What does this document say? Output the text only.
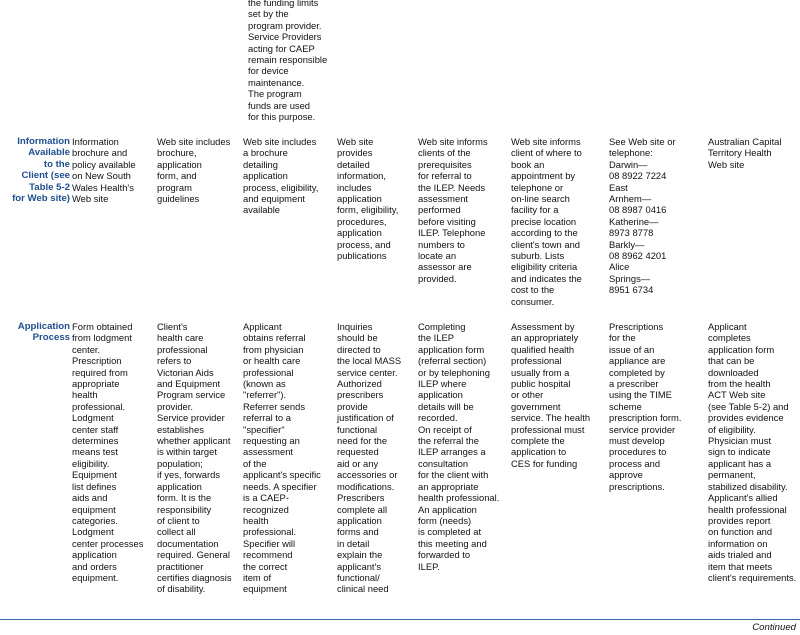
the funding limits
set by the
program provider.
Service Providers
acting for CAEP
remain responsible
for device
maintenance.
The program
funds are used
for this purpose.
Information
Available
to the
Client (see
Table 5-2
for Web site)
Information
brochure and
policy available
on New South
Wales Health's
Web site
Web site includes
brochure,
application
form, and
program
guidelines
Web site includes
a brochure
detailing
application
process, eligibility,
and equipment
available
Web site
provides
detailed
information,
includes
application
form, eligibility,
procedures,
application
process, and
publications
Web site informs
clients of the
prerequisites
for referral to
the ILEP. Needs
assessment
performed
before visiting
ILEP. Telephone
numbers to
locate an
assessor are
provided.
Web site informs
client of where to
book an
appointment by
telephone or
on-line search
facility for a
precise location
according to the
client's town and
suburb. Lists
eligibility criteria
and indicates the
cost to the
consumer.
See Web site or
telephone:
Darwin—
08 8922 7224
East
Arnhem—
08 8987 0416
Katherine—
8973 8778
Barkly—
08 8962 4201
Alice
Springs—
8951 6734
Australian Capital
Territory Health
Web site
Application
Process
Form obtained
from lodgment
center.
Prescription
required from
appropriate
health
professional.
Lodgment
center staff
determines
means test
eligibility.
Equipment
list defines
aids and
equipment
categories.
Lodgment
center processes
application
and orders
equipment.
Client's
health care
professional
refers to
Victorian Aids
and Equipment
Program service
provider.
Service provider
establishes
whether applicant
is within target
population;
if yes, forwards
application
form. It is the
responsibility
of client to
collect all
documentation
required. General
practitioner
certifies diagnosis
of disability.
Applicant
obtains referral
from physician
or health care
professional
(known as
"referrer").
Referrer sends
referral to a
"specifier"
requesting an
assessment
of the
applicant's specific
needs. A specifier
is a CAEP-
recognized
health
professional.
Specifier will
recommend
the correct
item of
equipment
Inquiries
should be
directed to
the local MASS
service center.
Authorized
prescribers
provide
justification of
functional
need for the
requested
aid or any
accessories or
modifications.
Prescribers
complete all
application
forms and
in detail
explain the
applicant's
functional/
clinical need
Completing
the ILEP
application form
(referral section)
or by telephoning
ILEP where
application
details will be
recorded.
On receipt of
the referral the
ILEP arranges a
consultation
for the client with
an appropriate
health professional.
An application
form (needs)
is completed at
this meeting and
forwarded to
ILEP.
Assessment by
an appropriately
qualified health
professional
usually from a
public hospital
or other
government
service. The health
professional must
complete the
application to
CES for funding
Prescriptions
for the
issue of an
appliance are
completed by
a prescriber
using the TIME
scheme
prescription form.
service provider
must develop
procedures to
process and
approve
prescriptions.
Applicant
completes
application form
that can be
downloaded
from the health
ACT Web site
(see Table 5-2) and
provides evidence
of eligibility.
Physician must
sign to indicate
applicant has a
permanent,
stabilized disability.
Applicant's allied
health professional
provides report
on function and
information on
aids trialed and
item that meets
client's requirements.
Continued
